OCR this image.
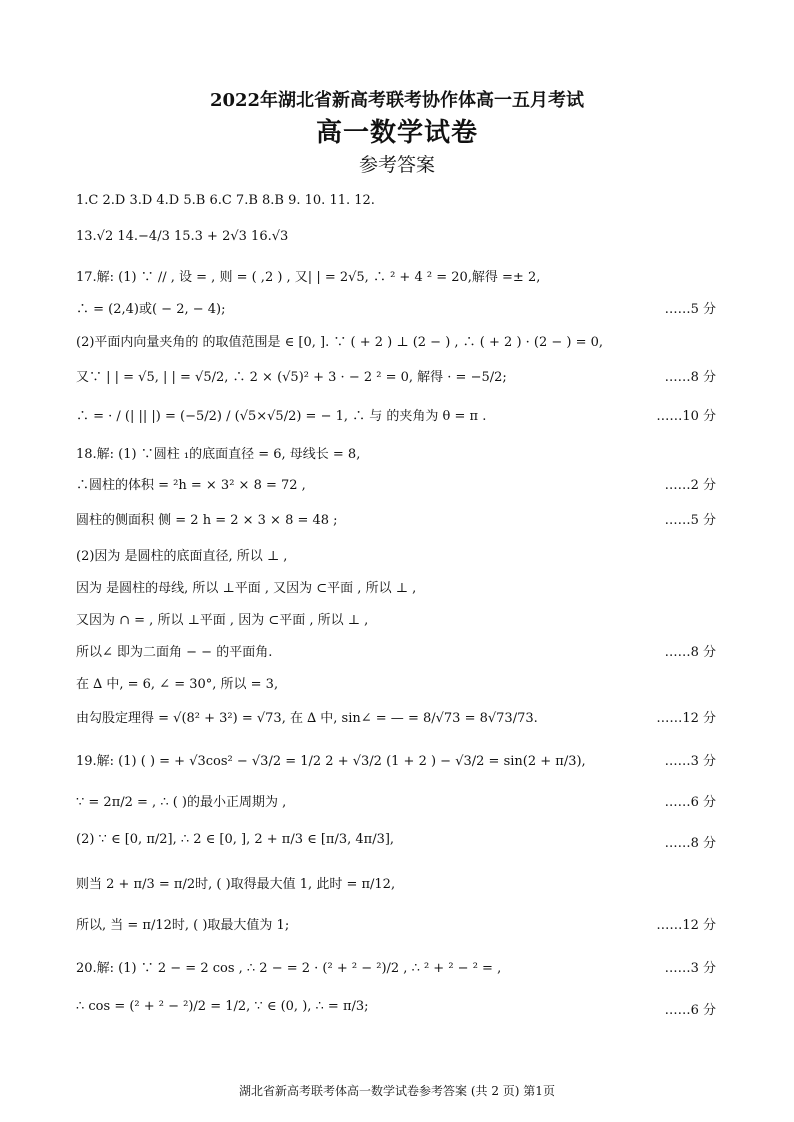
2022年湖北省新高考联考协作体高一五月考试
高一数学试卷
参考答案
1.C 2.D 3.D 4.D 5.B 6.C 7.B 8.B 9. 10. 11. 12.
13.√2 14.−4/3 15.3 + 2√3 16.√3
17.解: (1) ∵ // , 设 = , 则 = ( ,2 ) , 又| | = 2√5, ∴ ² + 4 ² = 20,解得 =± 2,
∴ = (2,4)或( − 2, − 4);	……5 分
(2)平面内向量夹角的 的取值范围是 ∈ [0, ]. ∵ ( + 2 ) ⊥ (2 − ) , ∴ ( + 2 ) · (2 − ) = 0,
又∵ | | = √5, | | = √5/2, ∴ 2 × (√5)² + 3 · − 2 ² = 0, 解得 · = −5/2;	……8 分
∴ = · / (| || |) = (−5/2) / (√5×√5/2) = − 1, ∴ 与 的夹角为 θ = π .	……10 分
18.解: (1) ∵圆柱 ₁的底面直径 = 6, 母线长 = 8,
∴圆柱的体积 = ²h = × 3² × 8 = 72 ,	……2 分
圆柱的侧面积 侧 = 2 h = 2 × 3 × 8 = 48 ;	……5 分
(2)因为 是圆柱的底面直径, 所以 ⊥ ,
因为 是圆柱的母线, 所以 ⊥平面 , 又因为 ⊂平面 , 所以 ⊥ ,
又因为 ∩ = , 所以 ⊥平面 , 因为 ⊂平面 , 所以 ⊥ ,
所以∠ 即为二面角 − − 的平面角.	……8 分
在 ∆ 中, = 6, ∠ = 30°, 所以 = 3,
由勾股定理得 = √(8² + 3²) = √73, 在 ∆ 中, sin∠ = — = 8/√73 = 8√73/73.	……12 分
19.解: (1) ( ) = + √3cos² − √3/2 = 1/2 2 + √3/2 (1 + 2 ) − √3/2 = sin(2 + π/3),	……3 分
∵ = 2π/2 = , ∴ ( )的最小正周期为 ,	……6 分
(2) ∵ ∈ [0, π/2], ∴ 2 ∈ [0, ], 2 + π/3 ∈ [π/3, 4π/3],	……8 分
则当 2 + π/3 = π/2时, ( )取得最大值 1, 此时 = π/12,
所以, 当 = π/12时, ( )取最大值为 1;	……12 分
20.解: (1) ∵ 2 − = 2 cos , ∴ 2 − = 2 · (² + ² − ²)/2 , ∴ ² + ² − ² = ,	……3 分
∴ cos = (² + ² − ²)/2 = 1/2, ∵ ∈ (0, ), ∴ = π/3;	……6 分
湖北省新高考联考体高一数学试卷参考答案 (共 2 页) 第1页
